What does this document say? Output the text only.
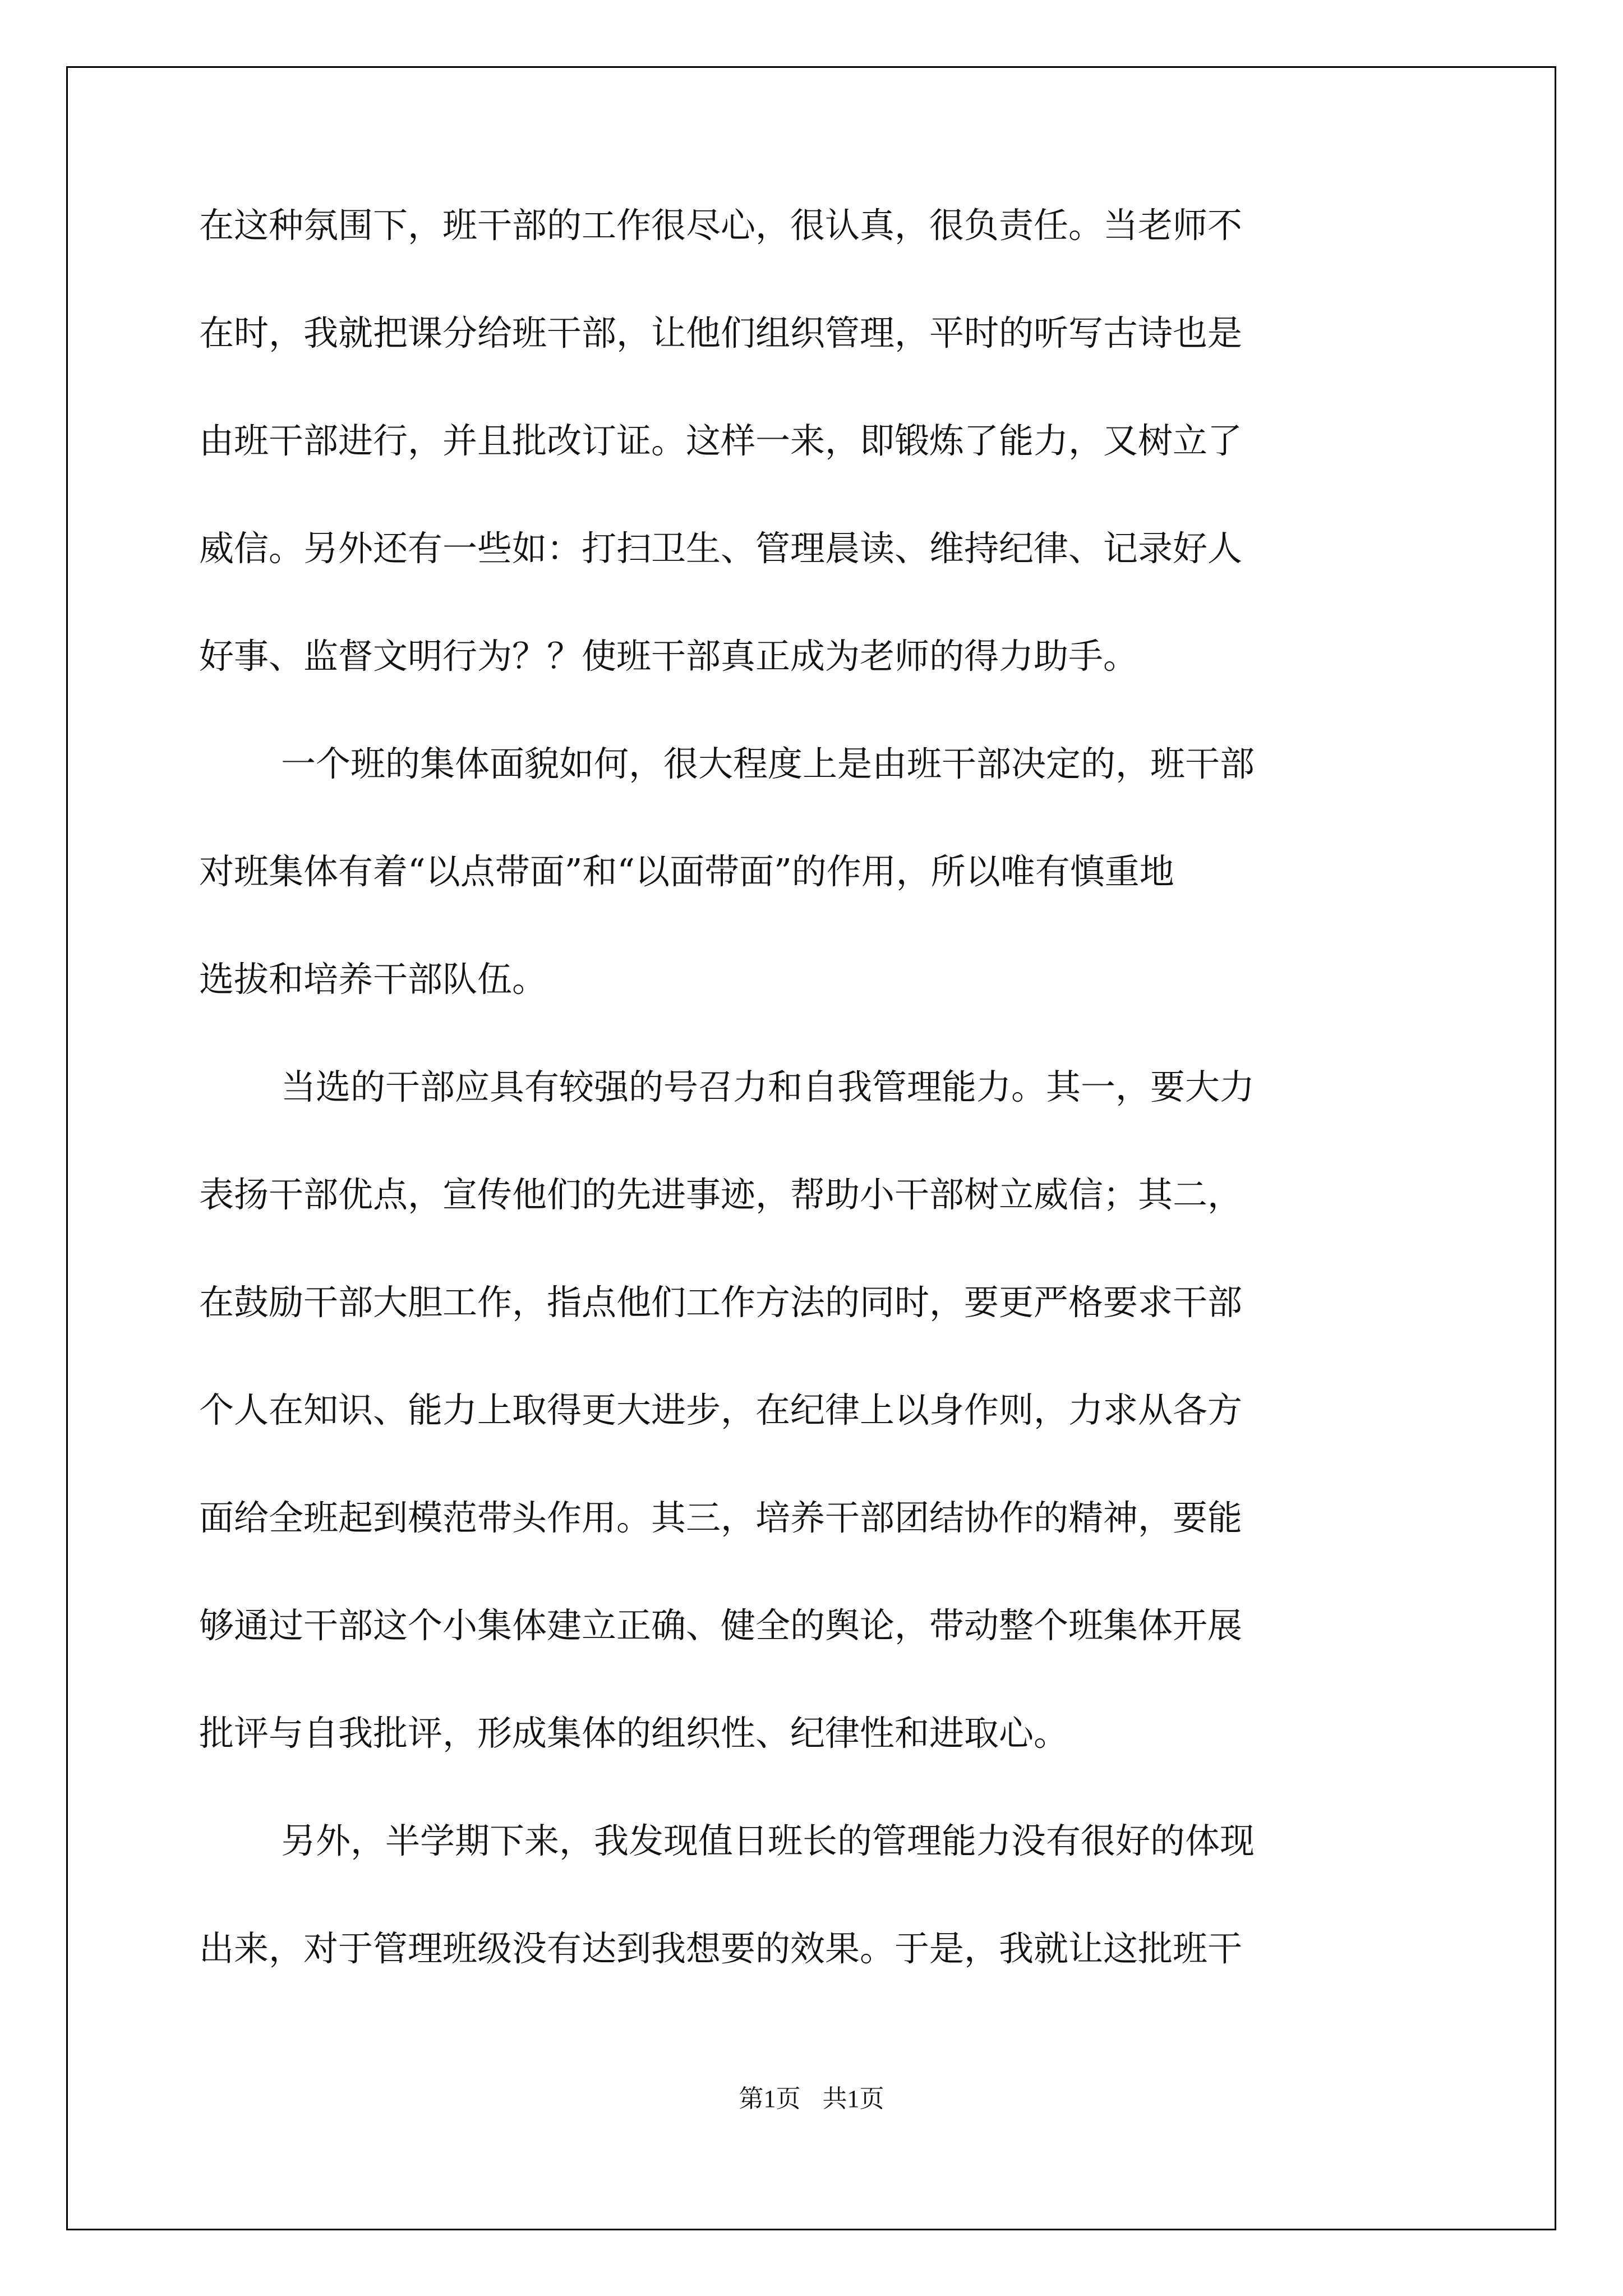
在这种氛围下，班干部的工作很尽心，很认真，很负责任。当老师不
在时，我就把课分给班干部，让他们组织管理，平时的听写古诗也是
由班干部进行，并且批改订证。这样一来，即锻炼了能力，又树立了
威信。另外还有一些如：打扫卫生、管理晨读、维持纪律、记录好人
好事、监督文明行为？？使班干部真正成为老师的得力助手。
一个班的集体面貌如何，很大程度上是由班干部决定的，班干部
对班集体有着“以点带面”和“以面带面”的作用，所以唯有慎重地
选拔和培养干部队伍。
当选的干部应具有较强的号召力和自我管理能力。其一，要大力
表扬干部优点，宣传他们的先进事迹，帮助小干部树立威信；其二，
在鼓励干部大胆工作，指点他们工作方法的同时，要更严格要求干部
个人在知识、能力上取得更大进步，在纪律上以身作则，力求从各方
面给全班起到模范带头作用。其三，培养干部团结协作的精神，要能
够通过干部这个小集体建立正确、健全的舆论，带动整个班集体开展
批评与自我批评，形成集体的组织性、纪律性和进取心。
另外，半学期下来，我发现值日班长的管理能力没有很好的体现
出来，对于管理班级没有达到我想要的效果。于是，我就让这批班干
第1页 共1页
